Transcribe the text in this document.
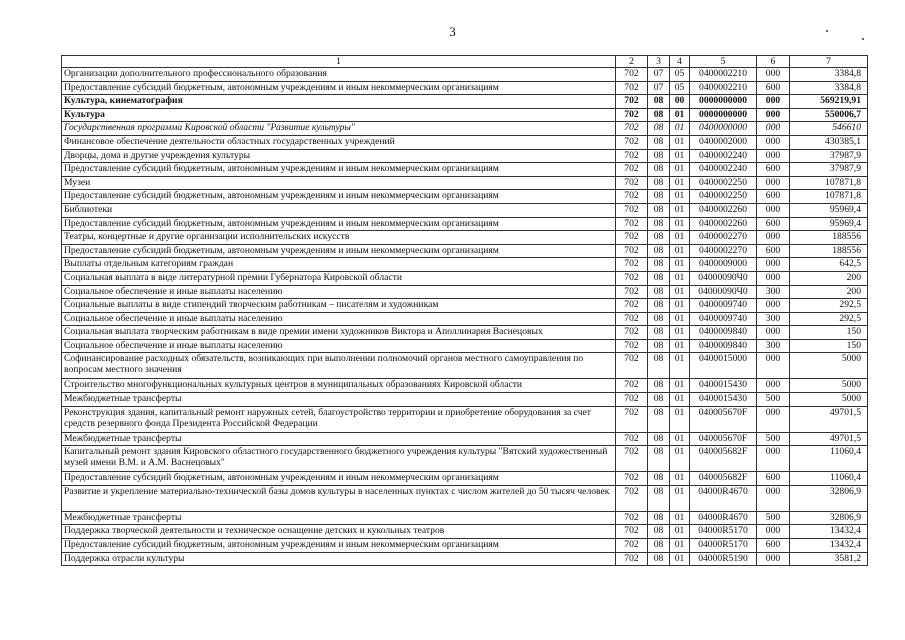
3
1	2	3	4	5	6	7
Организации дополнительного профессионального образования	702	07	05	0400002210	000	3384,8
Предоставление субсидий бюджетным, автономным учреждениям и иным некоммерческим организациям	702	07	05	0400002210	600	3384,8
Культура, кинематография	702	08	00	0000000000	000	569219,91
Культура	702	08	01	0000000000	000	550006,7
Государственная программа Кировской области "Развитие культуры"	702	08	01	0400000000	000	546610
Финансовое обеспечение деятельности областных государственных учреждений	702	08	01	0400002000	000	430385,1
Дворцы, дома и другие учреждения культуры	702	08	01	0400002240	000	37987,9
Предоставление субсидий бюджетным, автономным учреждениям и иным некоммерческим организациям	702	08	01	0400002240	600	37987,9
Музеи	702	08	01	0400002250	000	107871,8
Предоставление субсидий бюджетным, автономным учреждениям и иным некоммерческим организациям	702	08	01	0400002250	600	107871,8
Библиотеки	702	08	01	0400002260	000	95969,4
Предоставление субсидий бюджетным, автономным учреждениям и иным некоммерческим организациям	702	08	01	0400002260	600	95969,4
Театры, концертные и другие организации исполнительских искусств	702	08	01	0400002270	000	188556
Предоставление субсидий бюджетным, автономным учреждениям и иным некоммерческим организациям	702	08	01	0400002270	600	188556
Выплаты отдельным категориям граждан	702	08	01	0400009000	000	642,5
Социальная выплата в виде литературной премии Губернатора Кировской области	702	08	01	04000090Ч0	000	200
Социальное обеспечение и иные выплаты населению	702	08	01	04000090Ч0	300	200
Социальные выплаты в виде стипендий творческим работникам – писателям и художникам	702	08	01	0400009740	000	292,5
Социальное обеспечение и иные выплаты населению	702	08	01	0400009740	300	292,5
Социальная выплата творческим работникам в виде премии имени художников Виктора и Аполлинария Васнецовых	702	08	01	0400009840	000	150
Социальное обеспечение и иные выплаты населению	702	08	01	0400009840	300	150
Софинансирование расходных обязательств, возникающих при выполнении полномочий органов местного самоуправления по вопросам местного значения	702	08	01	0400015000	000	5000
Строительство многофункциональных культурных центров в муниципальных образованиях Кировской области	702	08	01	0400015430	000	5000
Межбюджетные трансферты	702	08	01	0400015430	500	5000
Реконструкция здания, капитальный ремонт наружных сетей, благоустройство территории и приобретение оборудования за счет средств резервного фонда Президента Российской Федерации	702	08	01	040005670F	000	49701,5
Межбюджетные трансферты	702	08	01	040005670F	500	49701,5
Капитальный ремонт здания Кировского областного государственного бюджетного учреждения культуры "Вятский художественный музей имени В.М. и А.М. Васнецовых"	702	08	01	040005682F	000	11060,4
Предоставление субсидий бюджетным, автономным учреждениям и иным некоммерческим организациям	702	08	01	040005682F	600	11060,4
Развитие и укрепление материально-технической базы домов культуры в населенных пунктах с числом жителей до 50 тысяч человек	702	08	01	04000R4670	000	32806,9
Межбюджетные трансферты	702	08	01	04000R4670	500	32806,9
Поддержка творческой деятельности и техническое оснащение детских и кукольных театров	702	08	01	04000R5170	000	13432,4
Предоставление субсидий бюджетным, автономным учреждениям и иным некоммерческим организациям	702	08	01	04000R5170	600	13432,4
Поддержка отрасли культуры	702	08	01	04000R5190	000	3581,2
